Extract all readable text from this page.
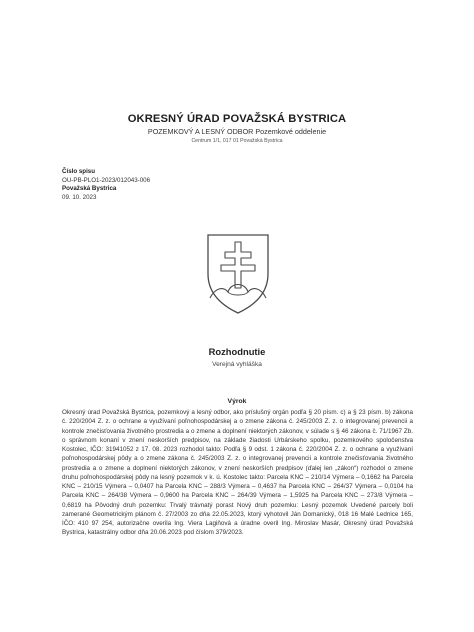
OKRESNÝ ÚRAD POVAŽSKÁ BYSTRICA
POZEMKOVÝ A LESNÝ ODBOR Pozemkové oddelenie
Centrum 1/1, 017 01 Považská Bystrica
Číslo spisu
OU-PB-PLO1-2023/012043-006
Považská Bystrica
09. 10. 2023
Rozhodnutie
Verejná vyhláška
Výrok
Okresný úrad Považská Bystrica, pozemkový a lesný odbor, ako príslušný orgán podľa § 20 písm. c) a § 23 písm. b) zákona č. 220/2004 Z. z. o ochrane a využívaní poľnohospodárskej a o zmene zákona č. 245/2003 Z. z. o integrovanej prevencii a kontrole znečisťovania životného prostredia a o zmene a doplnení niektorých zákonov, v súlade s § 46 zákona č. 71/1967 Zb. o správnom konaní v znení neskorších predpisov, na základe žiadosti Urbárskeho spolku, pozemkového spoločenstva Kostolec, IČO: 31941052 z 17. 08. 2023 rozhodol takto: Podľa § 9 odst. 1 zákona č. 220/2004 Z. z. o ochrane a využívaní poľnohospodárskej pôdy a o zmene zákona č. 245/2003 Z. z. o integrovanej prevencii a kontrole znečisťovania životného prostredia a o zmene a doplnení niektorých zákonov, v znení neskorších predpisov (ďalej len „zákon“) rozhodol o zmene druhu poľnohospodárskej pôdy na lesný pozemok v k. ú. Kostolec takto: Parcela KNC – 210/14 Výmera – 0,1662 ha Parcela KNC – 210/15 Výmera – 0,0407 ha Parcela KNC – 288/3 Výmera – 0,4637 ha Parcela KNC – 264/37 Výmera – 0,0104 ha Parcela KNC – 264/38 Výmera – 0,9600 ha Parcela KNC – 264/39 Výmera – 1,5925 ha Parcela KNC – 273/8 Výmera – 0,6819 ha Pôvodný druh pozemku: Trvalý trávnatý porast Nový druh pozemku: Lesný pozemok Uvedené parcely boli zamerané Geometrickým plánom č. 27/2003 zo dňa 22.05.2023, ktorý vyhotovil Ján Domanický, 018 16 Malé Lednice 165, IČO: 410 97 254, autorizačne overila Ing. Viera Lagiňová a úradne overil Ing. Miroslav Masár, Okresný úrad Považská Bystrica, katastrálny odbor dňa 20.06.2023 pod číslom 379/2023.
